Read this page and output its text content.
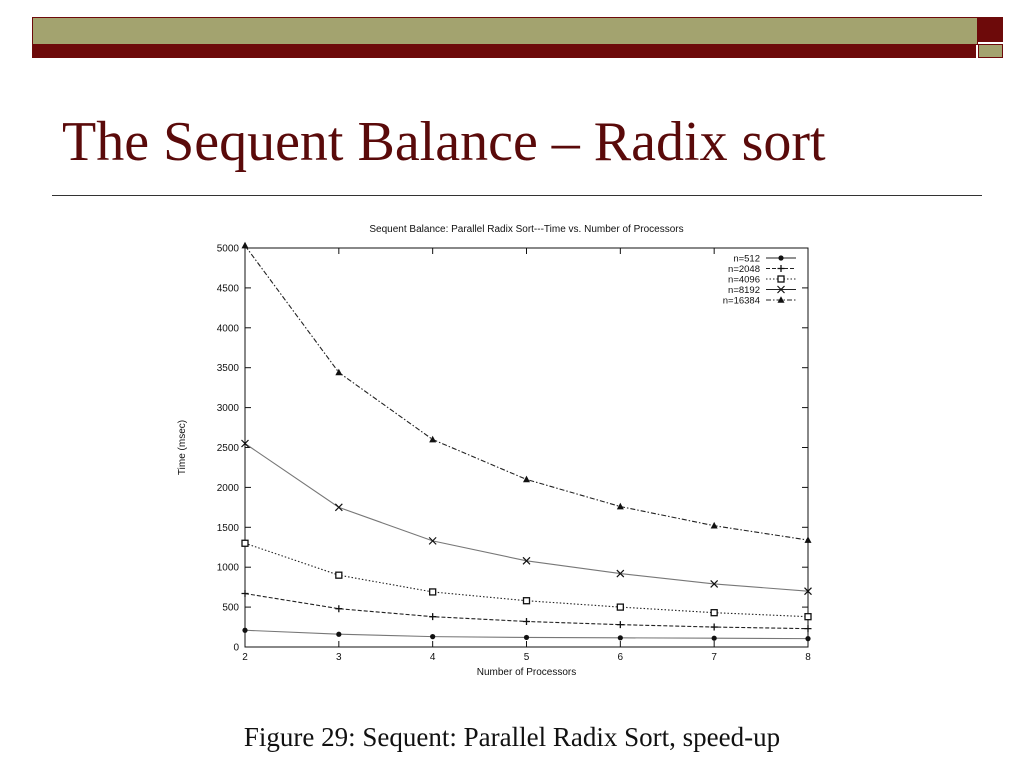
The Sequent Balance – Radix sort
Sequent Balance: Parallel Radix Sort---Time vs. Number of Processors
0
500
1000
1500
2000
2500
3000
3500
4000
4500
5000
2	3	4	5	6	7	8
Number of Processors
Time (msec)
n=512
n=2048
n=4096
n=8192
n=16384
Figure 29: Sequent: Parallel Radix Sort, speed-up
